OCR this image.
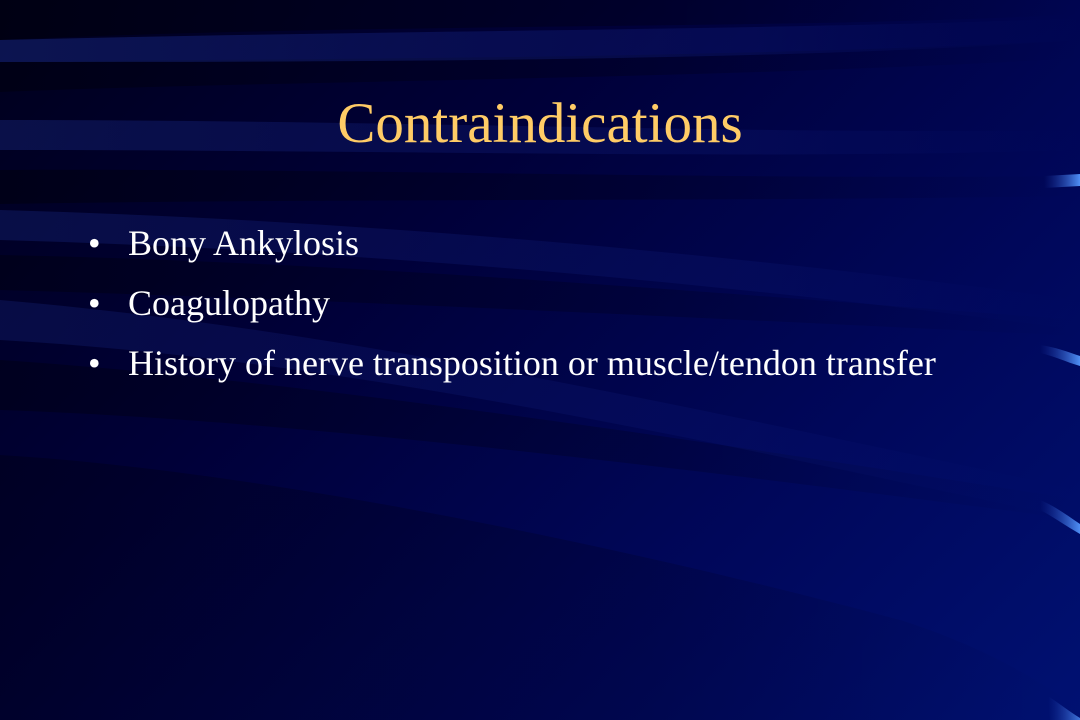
Contraindications
• Bony Ankylosis
• Coagulopathy
• History of nerve transposition or muscle/tendon transfer
